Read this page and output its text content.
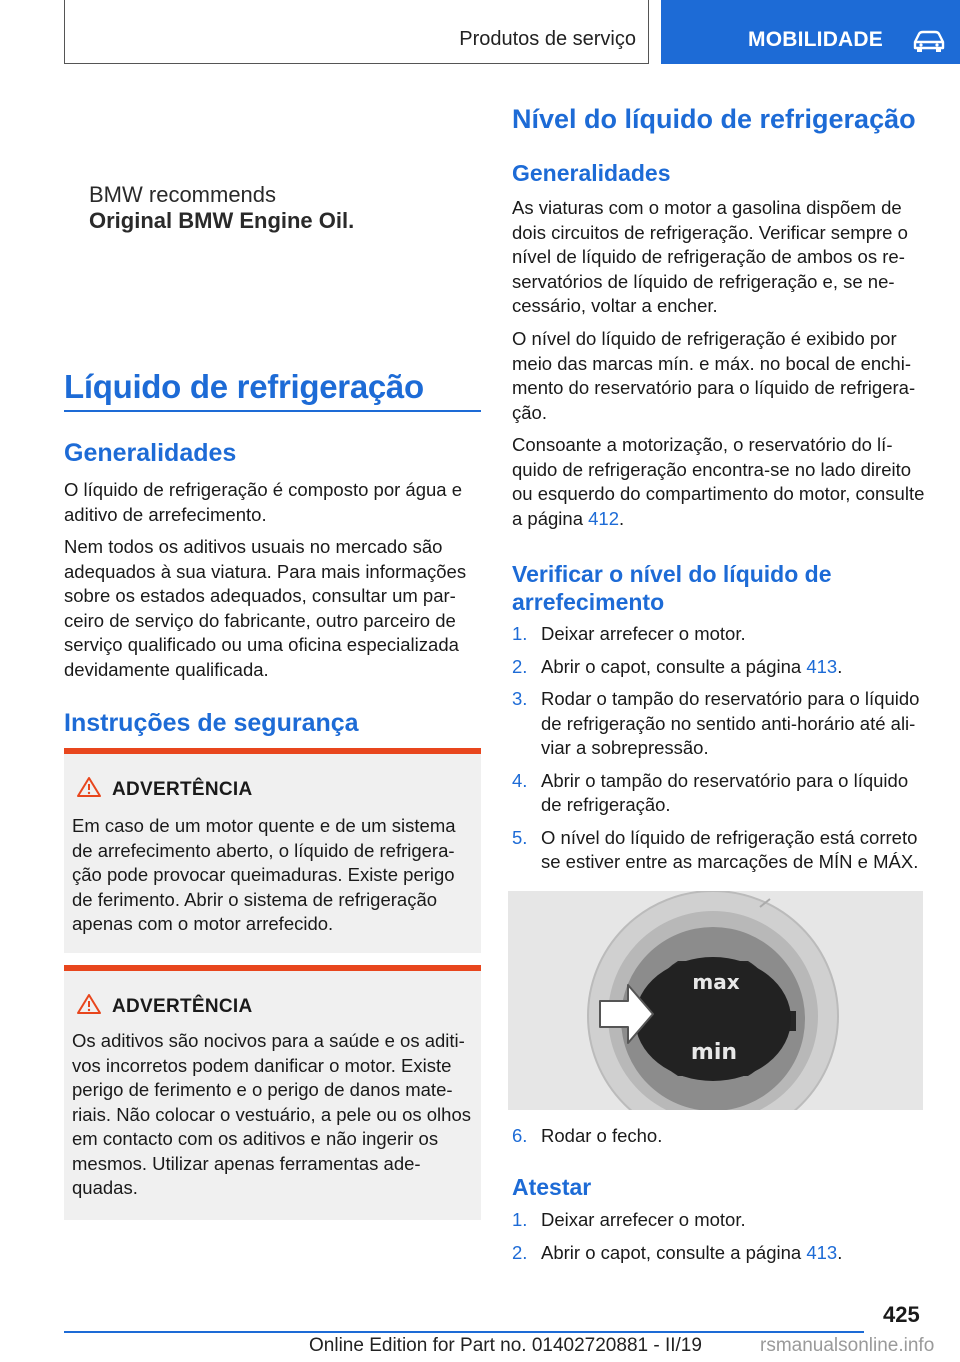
Produtos de serviço	MOBILIDADE
BMW recommends
Original BMW Engine Oil.
Líquido de refrigeração
Generalidades

O líquido de refrigeração é composto por água e aditivo de arrefecimento.

Nem todos os aditivos usuais no mercado são adequados à sua viatura. Para mais informações sobre os estados adequados, consultar um parceiro de serviço do fabricante, outro parceiro de serviço qualificado ou uma oficina especializada devidamente qualificada.

Instruções de segurança
ADVERTÊNCIA
Em caso de um motor quente e de um sistema de arrefecimento aberto, o líquido de refrigeração pode provocar queimaduras. Existe perigo de ferimento. Abrir o sistema de refrigeração apenas com o motor arrefecido.
ADVERTÊNCIA
Os aditivos são nocivos para a saúde e os aditivos incorretos podem danificar o motor. Existe perigo de ferimento e o perigo de danos materiais. Não colocar o vestuário, a pele ou os olhos em contacto com os aditivos e não ingerir os mesmos. Utilizar apenas ferramentas adequadas.
Nível do líquido de refrigeração
Generalidades

As viaturas com o motor a gasolina dispõem de dois circuitos de refrigeração. Verificar sempre o nível de líquido de refrigeração de ambos os reservatórios de líquido de refrigeração e, se necessário, voltar a encher.

O nível do líquido de refrigeração é exibido por meio das marcas mín. e máx. no bocal de enchimento do reservatório para o líquido de refrigeração.

Consoante a motorização, o reservatório do líquido de refrigeração encontra-se no lado direito ou esquerdo do compartimento do motor, consulte a página 412.

Verificar o nível do líquido de arrefecimento
1. Deixar arrefecer o motor.
2. Abrir o capot, consulte a página 413.
3. Rodar o tampão do reservatório para o líquido de refrigeração no sentido anti-horário até aliviar a sobrepressão.
4. Abrir o tampão do reservatório para o líquido de refrigeração.
5. O nível do líquido de refrigeração está correto se estiver entre as marcações de MÍN e MÁX.
max
min
6. Rodar o fecho.
Atestar
1. Deixar arrefecer o motor.
2. Abrir o capot, consulte a página 413.
425
Online Edition for Part no. 01402720881 - II/19	rsmanualsonline.info
